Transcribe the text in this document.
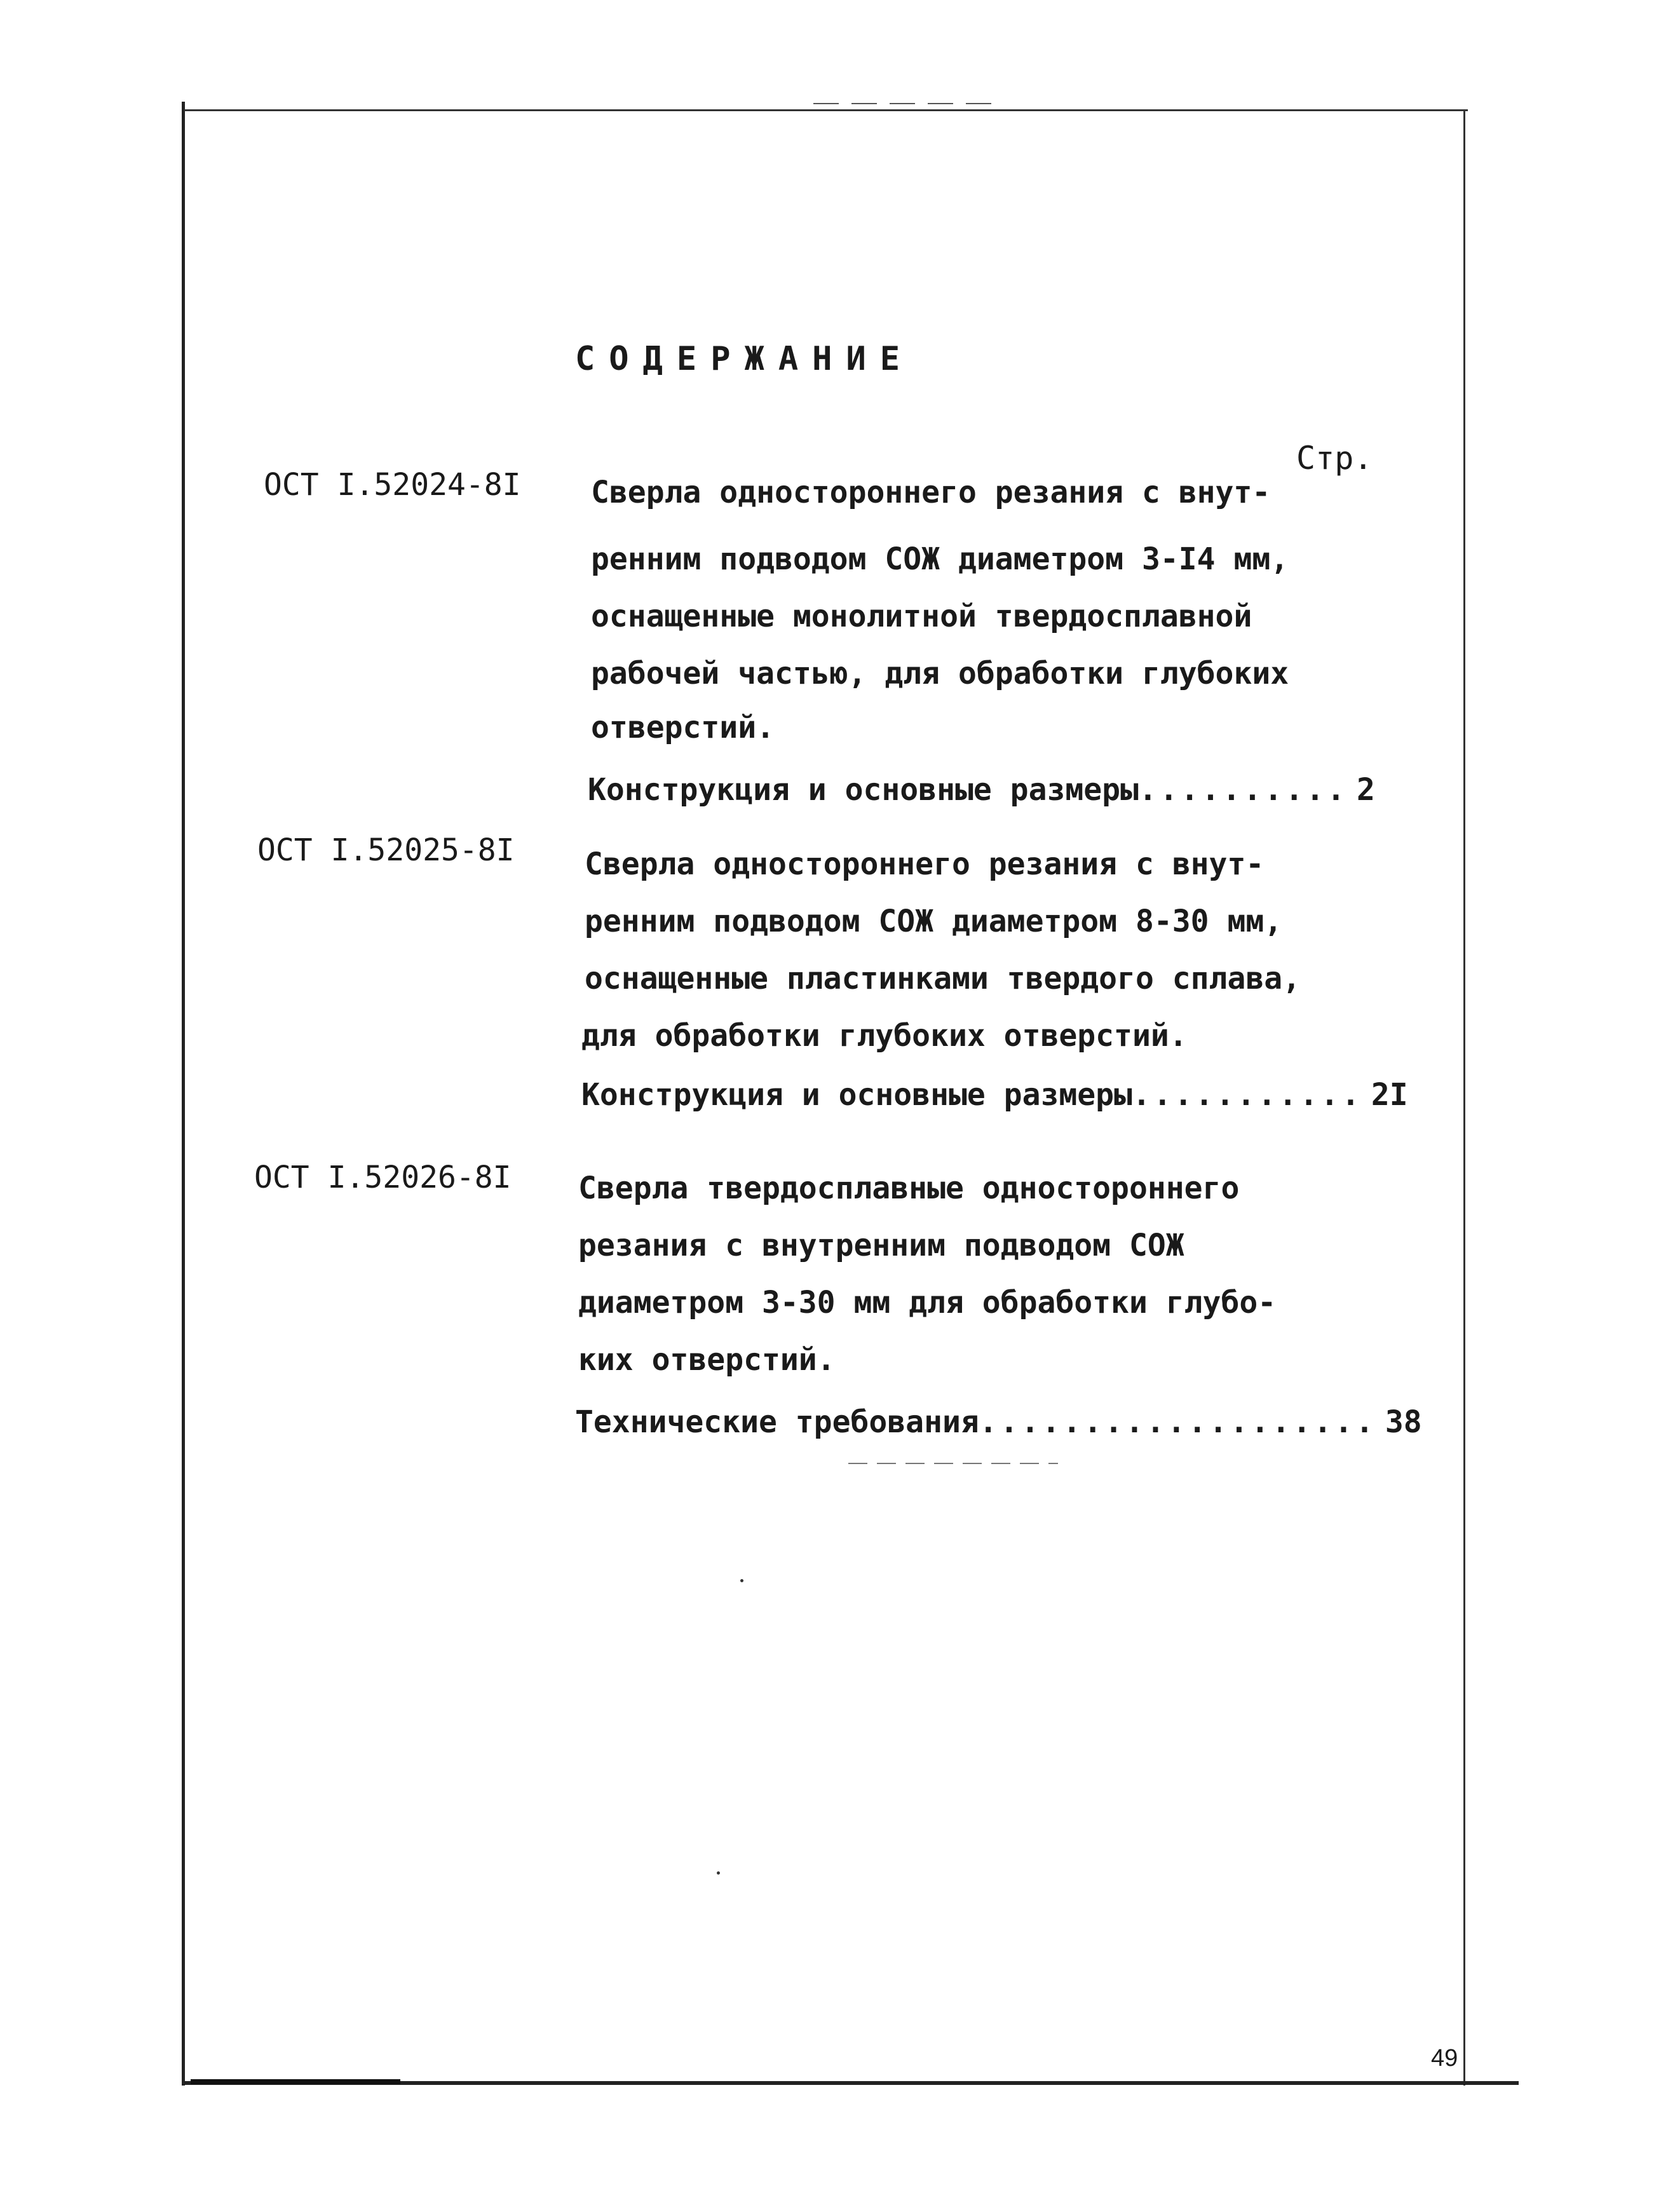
СОДЕРЖАНИЕ
Стр.
ОСТ I.52024-8I Сверла одностороннего резания с внут-
ренним подводом СОЖ диаметром 3-I4 мм,
оснащенные монолитной твердосплавной
рабочей частью, для обработки глубоких
отверстий.
Конструкция и основные размеры .......... 2
ОСТ I.52025-8I Сверла одностороннего резания с внут-
ренним подводом СОЖ диаметром 8-30 мм,
оснащенные пластинками твердого сплава,
для обработки глубоких отверстий.
Конструкция и основные размеры ........... 2I
ОСТ I.52026-8I Сверла твердосплавные одностороннего
резания с внутренним подводом СОЖ
диаметром 3-30 мм для обработки глубо-
ких отверстий.
Технические требования ................... 38
49
